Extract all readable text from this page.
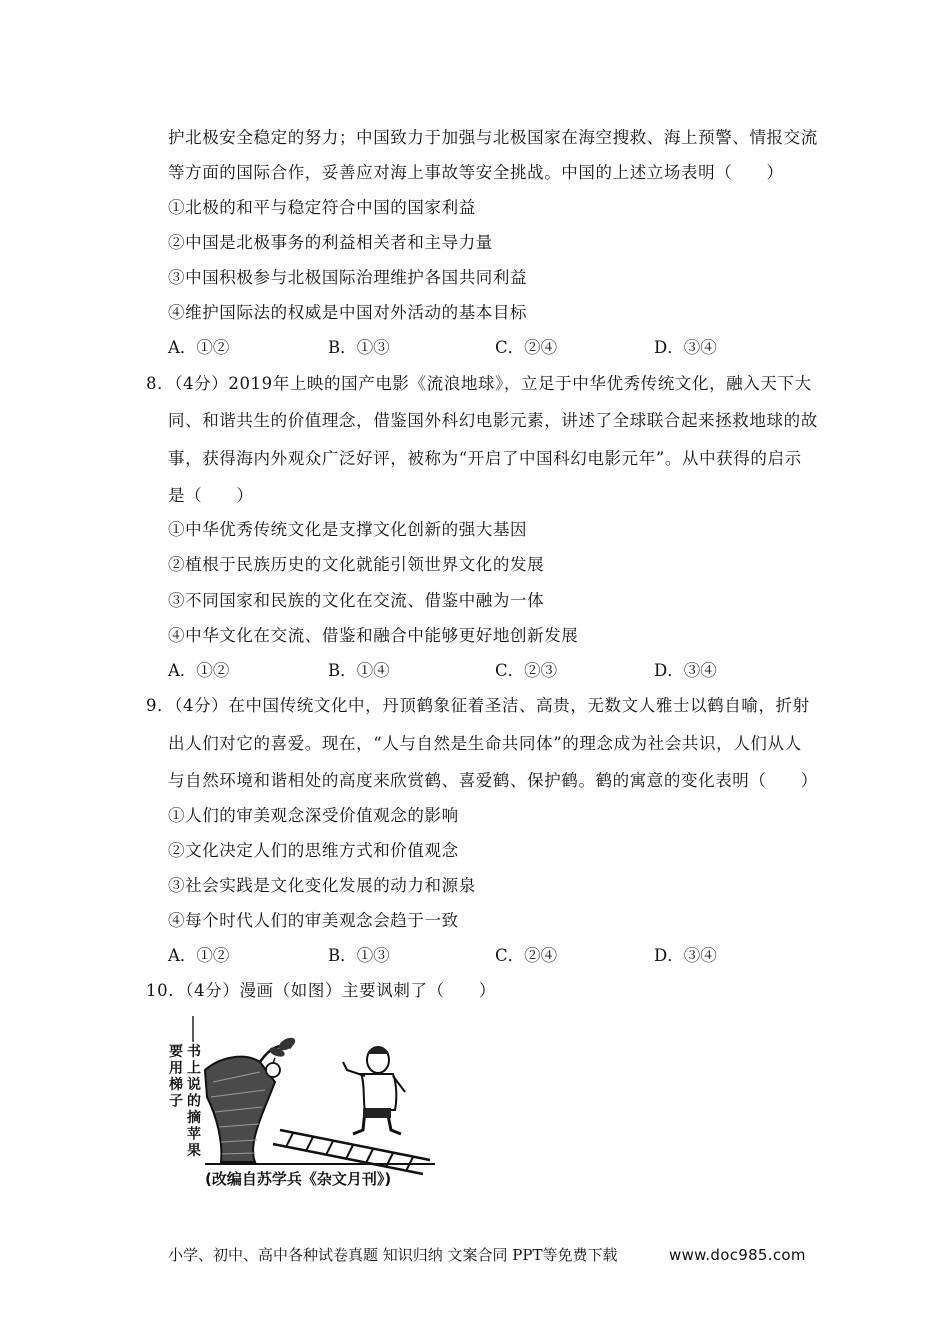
护北极安全稳定的努力；中国致力于加强与北极国家在海空搜救、海上预警、情报交流
等方面的国际合作，妥善应对海上事故等安全挑战。中国的上述立场表明（　　）
①北极的和平与稳定符合中国的国家利益
②中国是北极事务的利益相关者和主导力量
③中国积极参与北极国际治理维护各国共同利益
④维护国际法的权威是中国对外活动的基本目标
A．①②	B．①③	C．②④	D．③④
8．（4分）2019年上映的国产电影《流浪地球》，立足于中华优秀传统文化，融入天下大
同、和谐共生的价值理念，借鉴国外科幻电影元素，讲述了全球联合起来拯救地球的故
事，获得海内外观众广泛好评，被称为“开启了中国科幻电影元年”。从中获得的启示
是（　　）
①中华优秀传统文化是支撑文化创新的强大基因
②植根于民族历史的文化就能引领世界文化的发展
③不同国家和民族的文化在交流、借鉴中融为一体
④中华文化在交流、借鉴和融合中能够更好地创新发展
A．①②	B．①④	C．②③	D．③④
9．（4分）在中国传统文化中，丹顶鹤象征着圣洁、高贵，无数文人雅士以鹤自喻，折射
出人们对它的喜爱。现在，“人与自然是生命共同体”的理念成为社会共识，人们从人
与自然环境和谐相处的高度来欣赏鹤、喜爱鹤、保护鹤。鹤的寓意的变化表明（　　）
①人们的审美观念深受价值观念的影响
②文化决定人们的思维方式和价值观念
③社会实践是文化变化发展的动力和源泉
④每个时代人们的审美观念会趋于一致
A．①②	B．①③	C．②④	D．③④
10．（4分）漫画（如图）主要讽刺了（　　）
书上说的摘苹果
要用梯子
(改编自苏学兵《杂文月刊》)
小学、初中、高中各种试卷真题 知识归纳 文案合同 PPT等免费下载	www.doc985.com
